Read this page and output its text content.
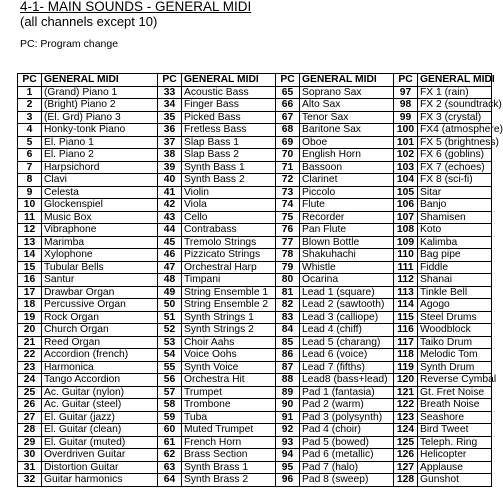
4-1- MAIN SOUNDS - GENERAL MIDI
(all channels except 10)
PC: Program change
PC	GENERAL MIDI	PC	GENERAL MIDI	PC	GENERAL MIDI	PC	GENERAL MIDI
1	(Grand) Piano 1	33	Acoustic Bass	65	Soprano Sax	97	FX 1 (rain)
2	(Bright) Piano 2	34	Finger Bass	66	Alto Sax	98	FX 2 (soundtrack)
3	(El. Grd) Piano 3	35	Picked Bass	67	Tenor Sax	99	FX 3 (crystal)
4	Honky-tonk Piano	36	Fretless Bass	68	Baritone Sax	100	FX4 (atmosphere)
5	El. Piano 1	37	Slap Bass 1	69	Oboe	101	FX 5 (brightness)
6	El. Piano 2	38	Slap Bass 2	70	English Horn	102	FX 6 (goblins)
7	Harpsichord	39	Synth Bass 1	71	Bassoon	103	FX 7 (echoes)
8	Clavi	40	Synth Bass 2	72	Clarinet	104	FX 8 (sci-fi)
9	Celesta	41	Violin	73	Piccolo	105	Sitar
10	Glockenspiel	42	Viola	74	Flute	106	Banjo
11	Music Box	43	Cello	75	Recorder	107	Shamisen
12	Vibraphone	44	Contrabass	76	Pan Flute	108	Koto
13	Marimba	45	Tremolo Strings	77	Blown Bottle	109	Kalimba
14	Xylophone	46	Pizzicato Strings	78	Shakuhachi	110	Bag pipe
15	Tubular Bells	47	Orchestral Harp	79	Whistle	111	Fiddle
16	Santur	48	Timpani	80	Ocarina	112	Shanai
17	Drawbar Organ	49	String Ensemble 1	81	Lead 1 (square)	113	Tinkle Bell
18	Percussive Organ	50	String Ensemble 2	82	Lead 2 (sawtooth)	114	Agogo
19	Rock Organ	51	Synth Strings 1	83	Lead 3 (calliope)	115	Steel Drums
20	Church Organ	52	Synth Strings 2	84	Lead 4 (chiff)	116	Woodblock
21	Reed Organ	53	Choir Aahs	85	Lead 5 (charang)	117	Taiko Drum
22	Accordion (french)	54	Voice Oohs	86	Lead 6 (voice)	118	Melodic Tom
23	Harmonica	55	Synth Voice	87	Lead 7 (fifths)	119	Synth Drum
24	Tango Accordion	56	Orchestra Hit	88	Lead8 (bass+lead)	120	Reverse Cymbal
25	Ac. Guitar (nylon)	57	Trumpet	89	Pad 1 (fantasia)	121	Gt. Fret Noise
26	Ac. Guitar (steel)	58	Trombone	90	Pad 2 (warm)	122	Breath Noise
27	El. Guitar (jazz)	59	Tuba	91	Pad 3 (polysynth)	123	Seashore
28	El. Guitar (clean)	60	Muted Trumpet	92	Pad 4 (choir)	124	Bird Tweet
29	El. Guitar (muted)	61	French Horn	93	Pad 5 (bowed)	125	Teleph. Ring
30	Overdriven Guitar	62	Brass Section	94	Pad 6 (metallic)	126	Helicopter
31	Distortion Guitar	63	Synth Brass 1	95	Pad 7 (halo)	127	Applause
32	Guitar harmonics	64	Synth Brass 2	96	Pad 8 (sweep)	128	Gunshot
